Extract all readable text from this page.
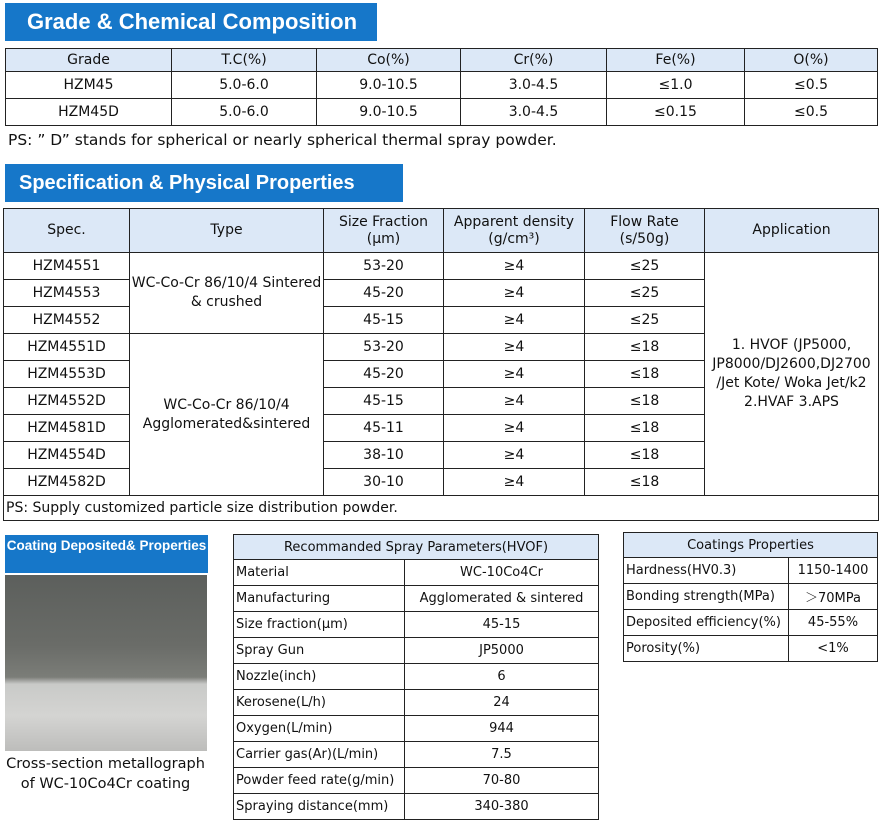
Grade & Chemical Composition
Grade	T.C(%)	Co(%)	Cr(%)	Fe(%)	O(%)
HZM45	5.0-6.0	9.0-10.5	3.0-4.5	≤1.0	≤0.5
HZM45D	5.0-6.0	9.0-10.5	3.0-4.5	≤0.15	≤0.5
PS: ” D” stands for spherical or nearly spherical thermal spray powder.
Specification & Physical Properties
Spec.	Type	Size Fraction (μm)	Apparent density (g/cm³)	Flow Rate (s/50g)	Application
HZM4551	WC-Co-Cr 86/10/4 Sintered & crushed	53-20	≥4	≤25	1. HVOF (JP5000, JP8000/DJ2600,DJ2700 /Jet Kote/ Woka Jet/k2 2.HVAF 3.APS
HZM4553		45-20	≥4	≤25	
HZM4552		45-15	≥4	≤25	
HZM4551D	WC-Co-Cr 86/10/4 Agglomerated&sintered	53-20	≥4	≤18	
HZM4553D		45-20	≥4	≤18	
HZM4552D		45-15	≥4	≤18	
HZM4581D		45-11	≥4	≤18	
HZM4554D		38-10	≥4	≤18	
HZM4582D		30-10	≥4	≤18	
PS: Supply customized particle size distribution powder.					
Coating Deposited& Properties
Cross-section metallograph of WC-10Co4Cr coating
Recommanded Spray Parameters(HVOF)	
Material	WC-10Co4Cr
Manufacturing	Agglomerated & sintered
Size fraction(μm)	45-15
Spray Gun	JP5000
Nozzle(inch)	6
Kerosene(L/h)	24
Oxygen(L/min)	944
Carrier gas(Ar)(L/min)	7.5
Powder feed rate(g/min)	70-80
Spraying distance(mm)	340-380
Coatings Properties	
Hardness(HV0.3)	1150-1400
Bonding strength(MPa)	＞70MPa
Deposited efficiency(%)	45-55%
Porosity(%)	<1%
